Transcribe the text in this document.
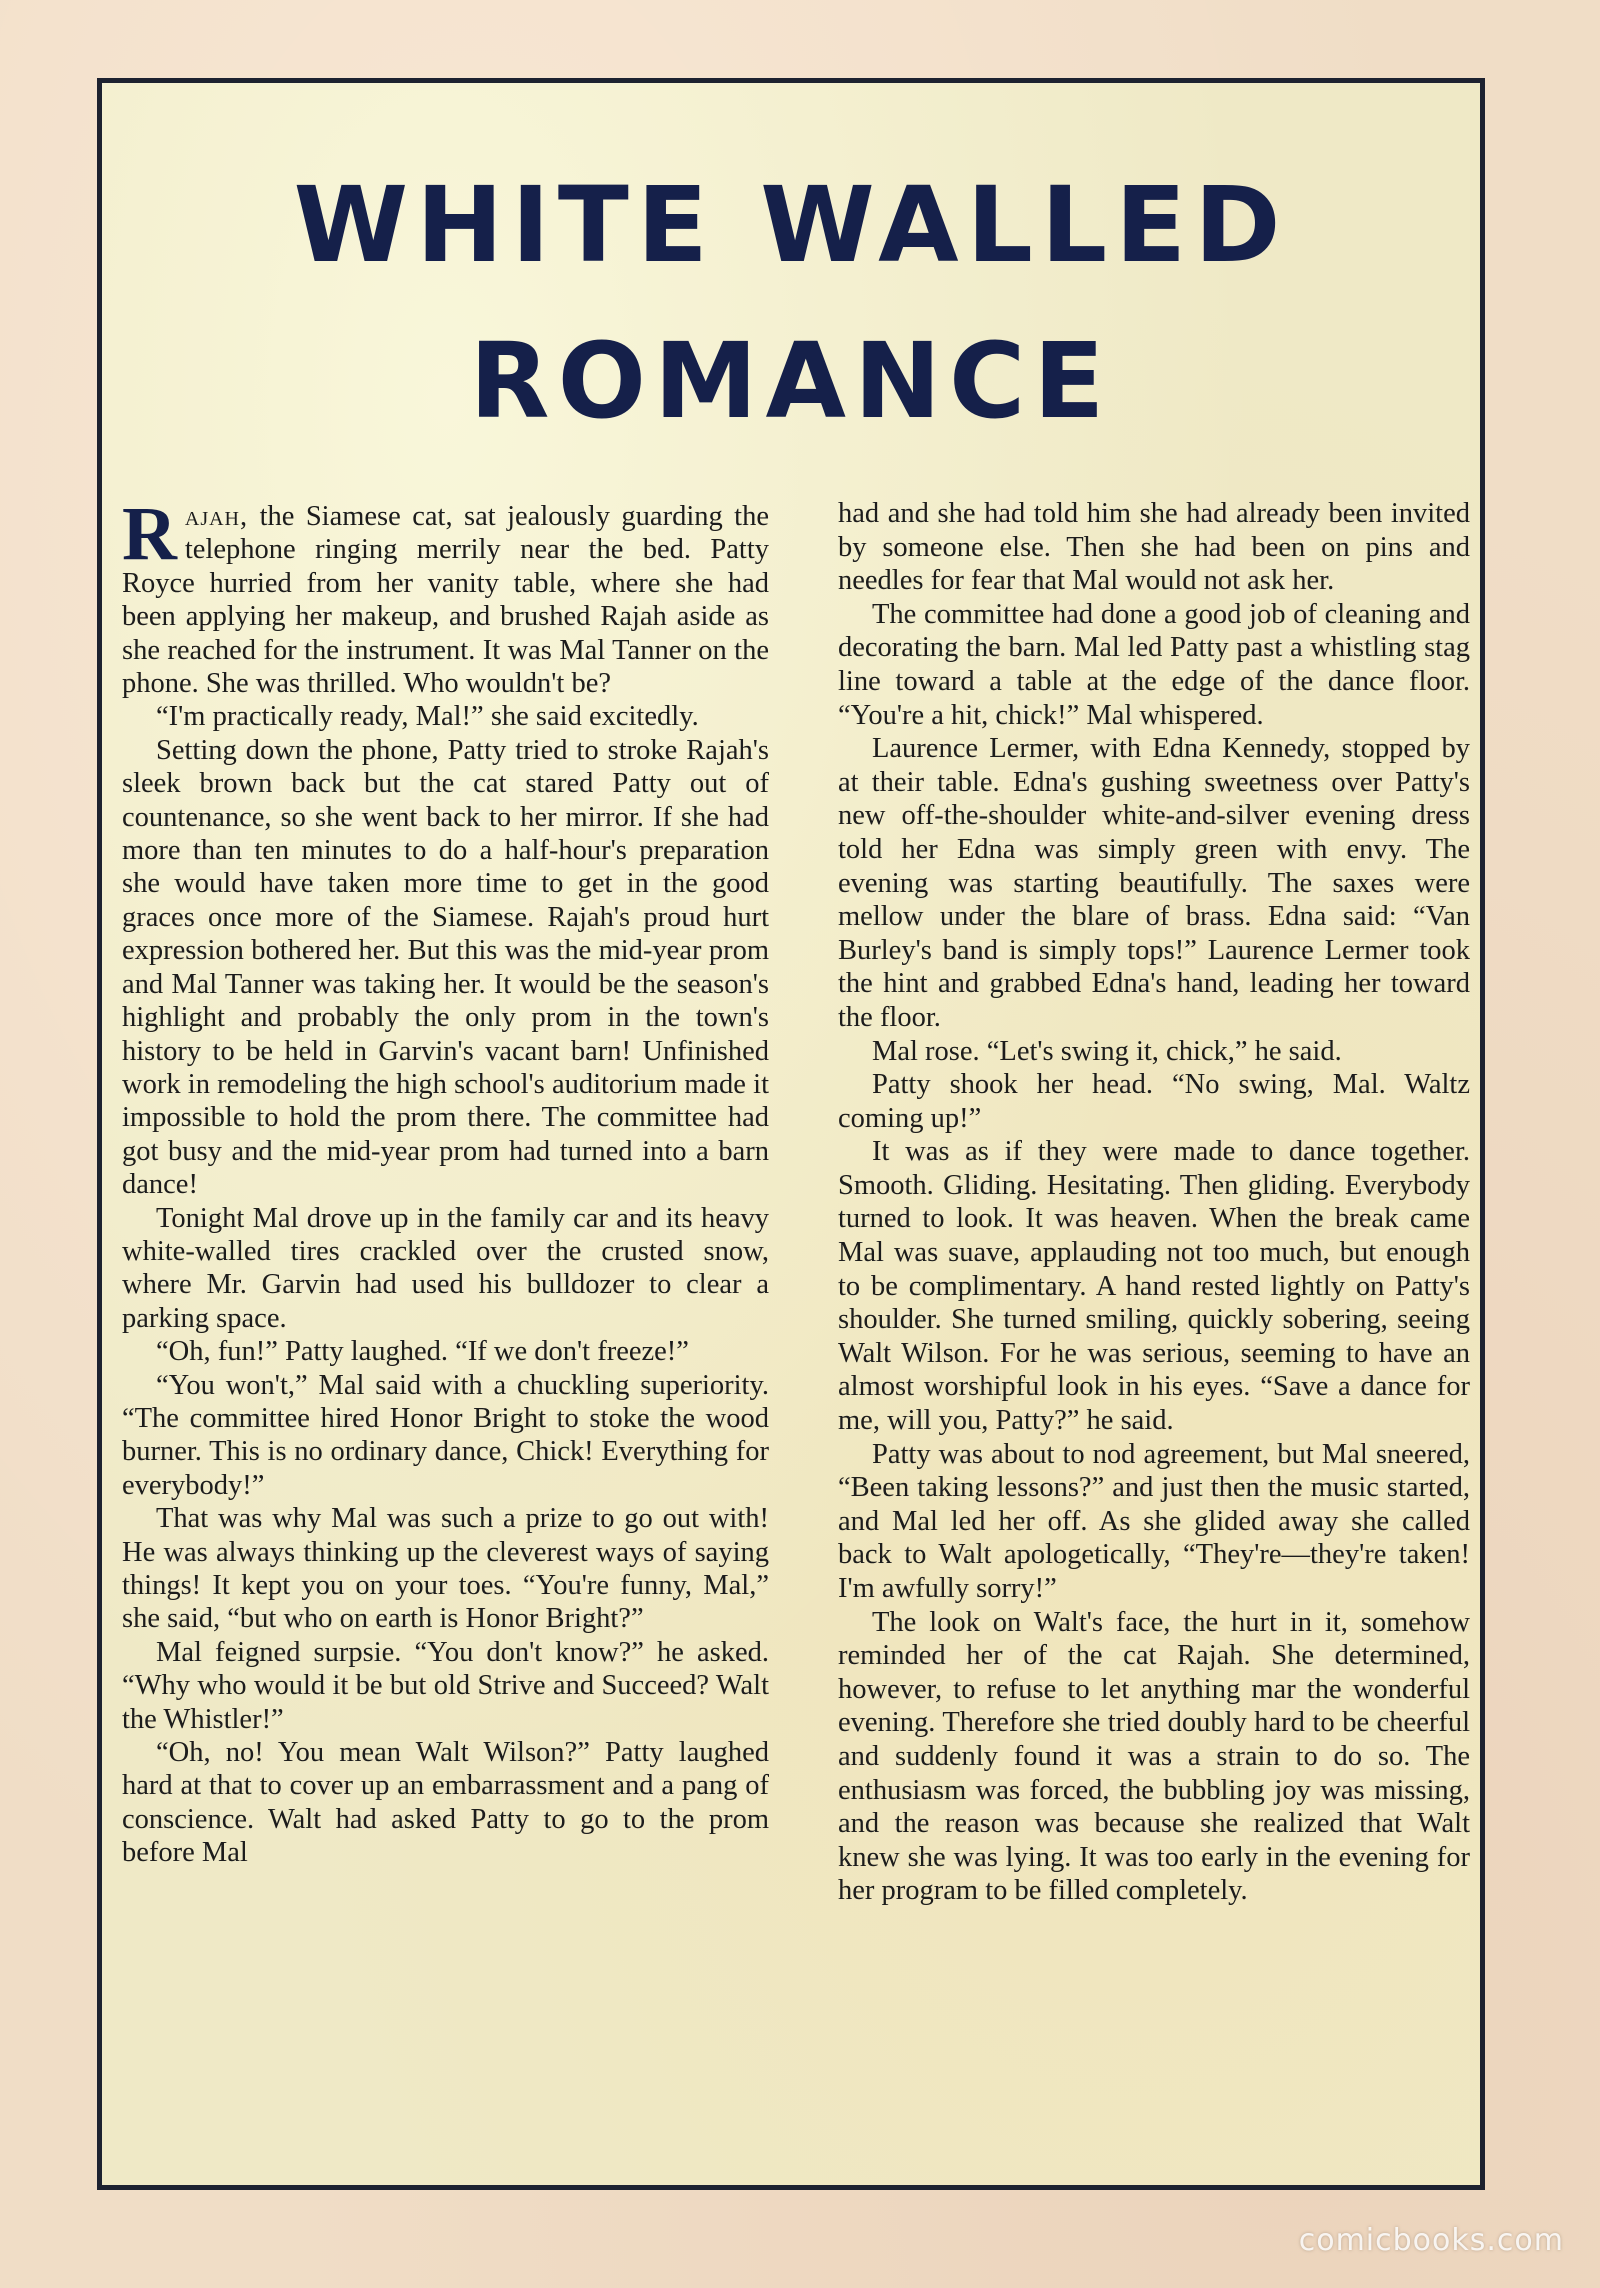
WHITE WALLED
ROMANCE

Rajah, the Siamese cat, sat jealously guarding the telephone ringing merrily near the bed. Patty Royce hurried from her vanity table, where she had been applying her makeup, and brushed Rajah aside as she reached for the instrument. It was Mal Tanner on the phone. She was thrilled. Who wouldn't be?

“I'm practically ready, Mal!” she said excitedly.

Setting down the phone, Patty tried to stroke Rajah's sleek brown back but the cat stared Patty out of countenance, so she went back to her mirror. If she had more than ten minutes to do a half-hour's preparation she would have taken more time to get in the good graces once more of the Siamese. Rajah's proud hurt expression bothered her. But this was the mid-year prom and Mal Tanner was taking her. It would be the season's highlight and probably the only prom in the town's history to be held in Garvin's vacant barn! Unfinished work in remodeling the high school's auditorium made it impossible to hold the prom there. The committee had got busy and the mid-year prom had turned into a barn dance!

Tonight Mal drove up in the family car and its heavy white-walled tires crackled over the crusted snow, where Mr. Garvin had used his bulldozer to clear a parking space.

“Oh, fun!” Patty laughed. “If we don't freeze!”

“You won't,” Mal said with a chuckling superiority. “The committee hired Honor Bright to stoke the wood burner. This is no ordinary dance, Chick! Everything for everybody!”

That was why Mal was such a prize to go out with! He was always thinking up the cleverest ways of saying things! It kept you on your toes. “You're funny, Mal,” she said, “but who on earth is Honor Bright?”

Mal feigned surpsie. “You don't know?” he asked. “Why who would it be but old Strive and Succeed? Walt the Whistler!”

“Oh, no! You mean Walt Wilson?” Patty laughed hard at that to cover up an embarrassment and a pang of conscience. Walt had asked Patty to go to the prom before Mal

had and she had told him she had already been invited by someone else. Then she had been on pins and needles for fear that Mal would not ask her.

The committee had done a good job of cleaning and decorating the barn. Mal led Patty past a whistling stag line toward a table at the edge of the dance floor. “You're a hit, chick!” Mal whispered.

Laurence Lermer, with Edna Kennedy, stopped by at their table. Edna's gushing sweetness over Patty's new off-the-shoulder white-and-silver evening dress told her Edna was simply green with envy. The evening was starting beautifully. The saxes were mellow under the blare of brass. Edna said: “Van Burley's band is simply tops!” Laurence Lermer took the hint and grabbed Edna's hand, leading her toward the floor.

Mal rose. “Let's swing it, chick,” he said.

Patty shook her head. “No swing, Mal. Waltz coming up!”

It was as if they were made to dance together. Smooth. Gliding. Hesitating. Then gliding. Everybody turned to look. It was heaven. When the break came Mal was suave, applauding not too much, but enough to be complimentary. A hand rested lightly on Patty's shoulder. She turned smiling, quickly sobering, seeing Walt Wilson. For he was serious, seeming to have an almost worshipful look in his eyes. “Save a dance for me, will you, Patty?” he said.

Patty was about to nod agreement, but Mal sneered, “Been taking lessons?” and just then the music started, and Mal led her off. As she glided away she called back to Walt apologetically, “They're—they're taken! I'm awfully sorry!”

The look on Walt's face, the hurt in it, somehow reminded her of the cat Rajah. She determined, however, to refuse to let anything mar the wonderful evening. Therefore she tried doubly hard to be cheerful and suddenly found it was a strain to do so. The enthusiasm was forced, the bubbling joy was missing, and the reason was because she realized that Walt knew she was lying. It was too early in the evening for her program to be filled completely.

comicbooks.com
